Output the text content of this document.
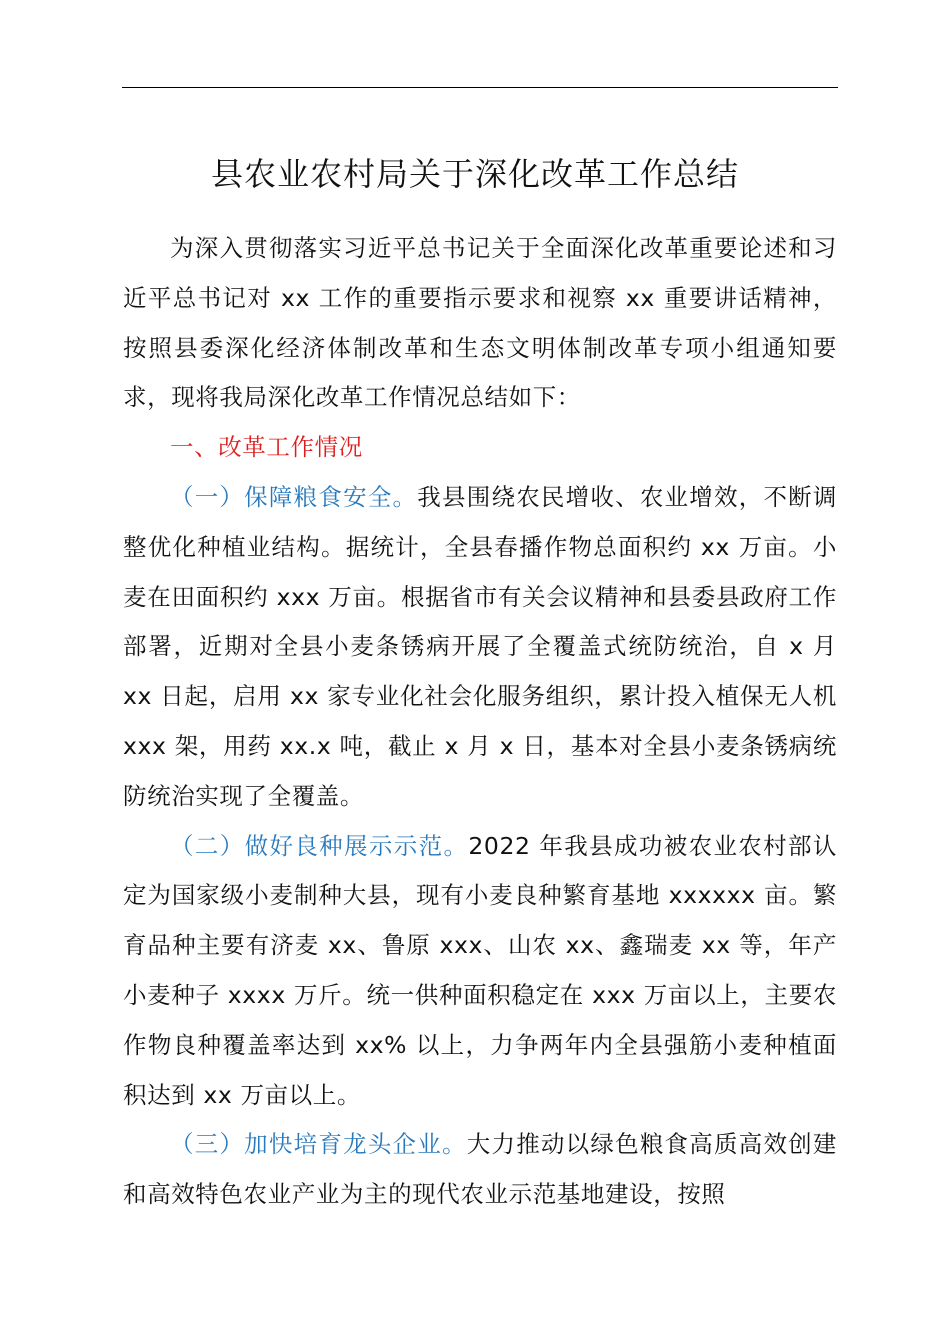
县农业农村局关于深化改革工作总结

为深入贯彻落实习近平总书记关于全面深化改革重要论述和习近平总书记对 xx 工作的重要指示要求和视察 xx 重要讲话精神，按照县委深化经济体制改革和生态文明体制改革专项小组通知要求，现将我局深化改革工作情况总结如下：

一、改革工作情况

（一）保障粮食安全。我县围绕农民增收、农业增效，不断调整优化种植业结构。据统计，全县春播作物总面积约 xx 万亩。小麦在田面积约 xxx 万亩。根据省市有关会议精神和县委县政府工作部署，近期对全县小麦条锈病开展了全覆盖式统防统治，自 x 月 xx 日起，启用 xx 家专业化社会化服务组织，累计投入植保无人机 xxx 架，用药 xx.x 吨，截止 x 月 x 日，基本对全县小麦条锈病统防统治实现了全覆盖。

（二）做好良种展示示范。2022 年我县成功被农业农村部认定为国家级小麦制种大县，现有小麦良种繁育基地 xxxxxx 亩。繁育品种主要有济麦 xx、鲁原 xxx、山农 xx、鑫瑞麦 xx 等，年产小麦种子 xxxx 万斤。统一供种面积稳定在 xxx 万亩以上，主要农作物良种覆盖率达到 xx% 以上，力争两年内全县强筋小麦种植面积达到 xx 万亩以上。

（三）加快培育龙头企业。大力推动以绿色粮食高质高效创建和高效特色农业产业为主的现代农业示范基地建设，按照
